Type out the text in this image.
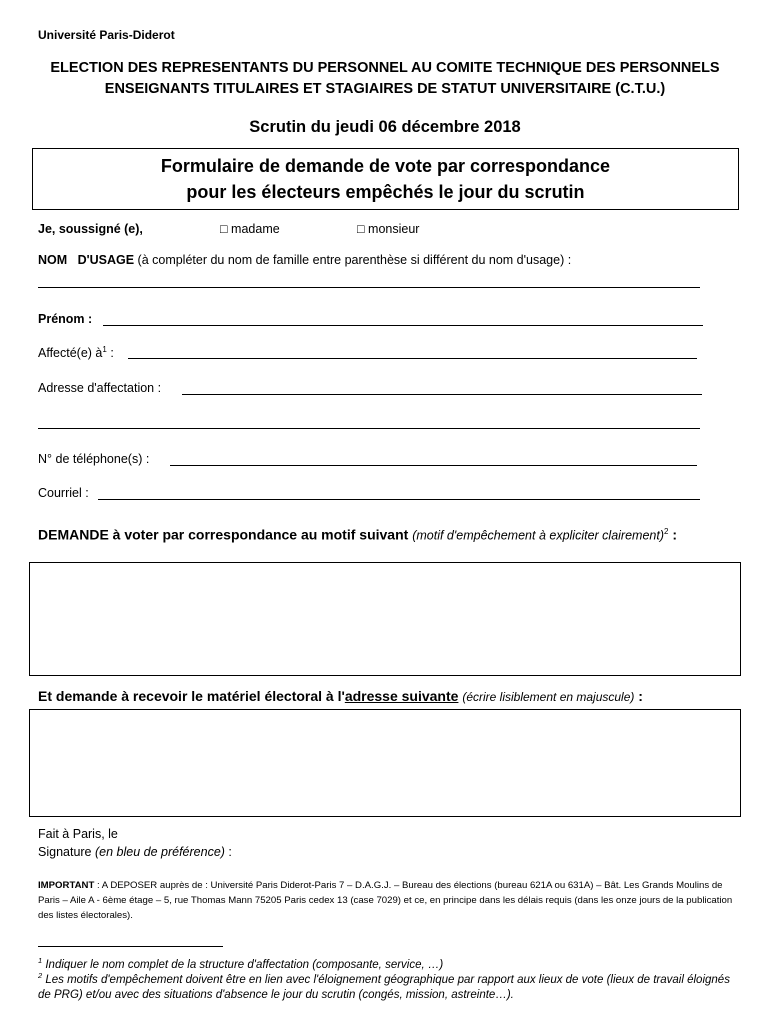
Université Paris-Diderot
ELECTION DES REPRESENTANTS DU PERSONNEL AU COMITE TECHNIQUE DES PERSONNELS
ENSEIGNANTS TITULAIRES ET STAGIAIRES DE STATUT UNIVERSITAIRE (C.T.U.)
Scrutin du jeudi 06 décembre 2018
Formulaire de demande de vote par correspondance
pour les électeurs empêchés le jour du scrutin
Je, soussigné (e),	□ madame	□ monsieur
NOM   D'USAGE (à compléter du nom de famille entre parenthèse si différent du nom d'usage) :
Prénom :
Affecté(e) $à^1$ :
Adresse d'affectation :
N° de téléphone(s) :
Courriel :
DEMANDE à voter par correspondance au motif suivant (motif d'empêchement à expliciter clairement)$^2$ :
Et demande à recevoir le matériel électoral à l'adresse suivante (écrire lisiblement en majuscule) :
Fait à Paris, le
Signature (en bleu de préférence) :
IMPORTANT : A DEPOSER auprès de : Université Paris Diderot-Paris 7 – D.A.G.J. – Bureau des élections (bureau 621A ou 631A) – Bât. Les Grands Moulins de Paris – Aile A - 6ème étage – 5, rue Thomas Mann 75205 Paris cedex 13 (case 7029) et ce, en principe dans les délais requis (dans les onze jours de la publication des listes électorales).
$^1$ Indiquer le nom complet de la structure d'affectation (composante, service, …)
$^2$ Les motifs d'empêchement doivent être en lien avec l'éloignement géographique par rapport aux lieux de vote (lieux de travail éloignés de PRG) et/ou avec des situations d'absence le jour du scrutin (congés, mission, astreinte…).
